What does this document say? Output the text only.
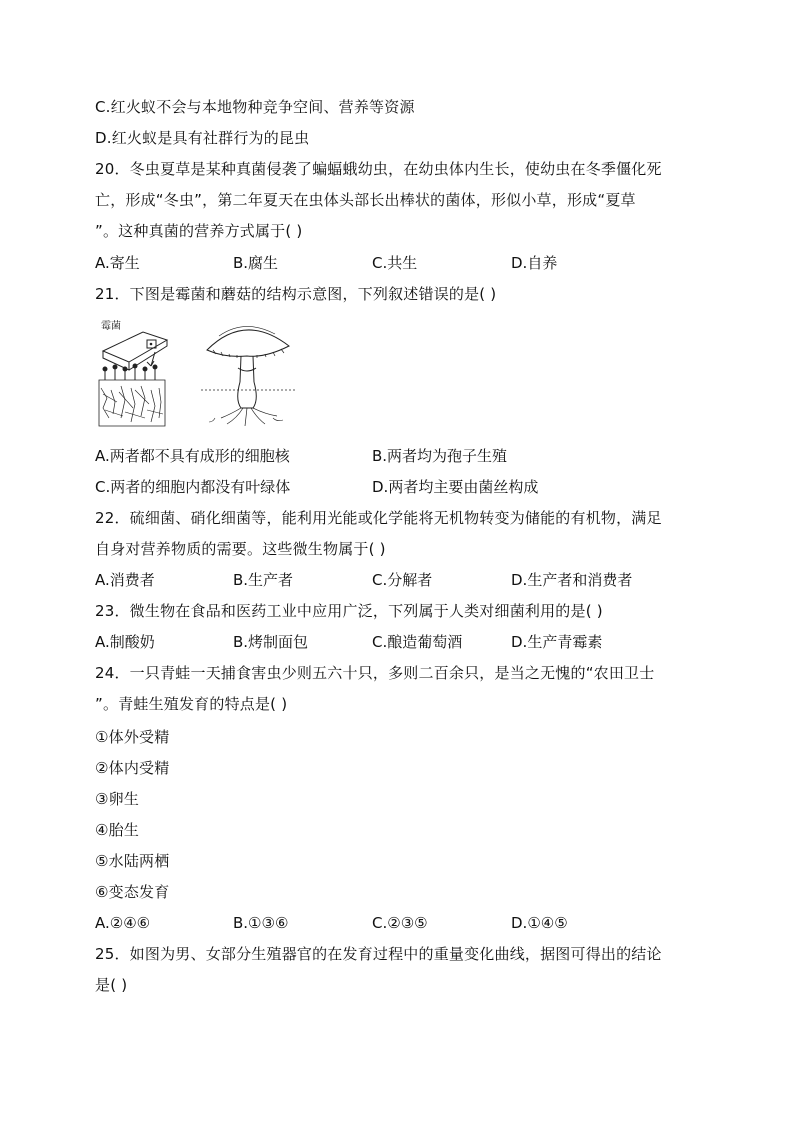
C.红火蚁不会与本地物种竞争空间、营养等资源
D.红火蚁是具有社群行为的昆虫
20．冬虫夏草是某种真菌侵袭了蝙蝠蛾幼虫，在幼虫体内生长，使幼虫在冬季僵化死
亡，形成“冬虫”，第二年夏天在虫体头部长出棒状的菌体，形似小草，形成“夏草
”。这种真菌的营养方式属于( )
A.寄生	B.腐生	C.共生	D.自养
21．下图是霉菌和蘑菇的结构示意图，下列叙述错误的是( )
霉菌
A.两者都不具有成形的细胞核	B.两者均为孢子生殖
C.两者的细胞内都没有叶绿体	D.两者均主要由菌丝构成
22．硫细菌、硝化细菌等，能利用光能或化学能将无机物转变为储能的有机物，满足
自身对营养物质的需要。这些微生物属于( )
A.消费者	B.生产者	C.分解者	D.生产者和消费者
23．微生物在食品和医药工业中应用广泛，下列属于人类对细菌利用的是( )
A.制酸奶	B.烤制面包	C.酿造葡萄酒	D.生产青霉素
24．一只青蛙一天捕食害虫少则五六十只，多则二百余只，是当之无愧的“农田卫士
”。青蛙生殖发育的特点是( )
①体外受精
②体内受精
③卵生
④胎生
⑤水陆两栖
⑥变态发育
A.②④⑥	B.①③⑥	C.②③⑤	D.①④⑤
25．如图为男、女部分生殖器官的在发育过程中的重量变化曲线，据图可得出的结论
是( )
